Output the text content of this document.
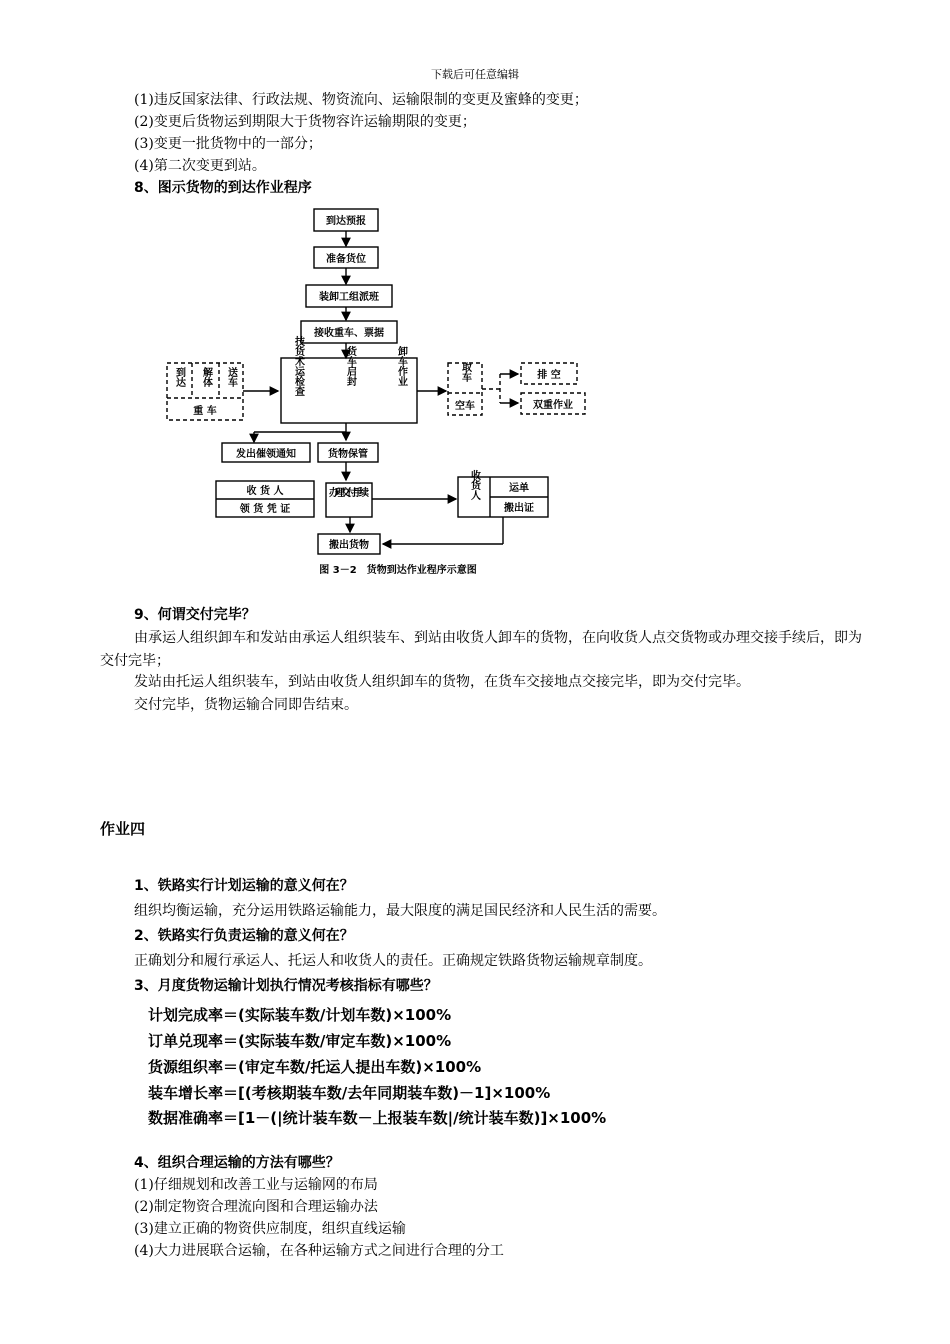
下载后可任意编辑
(1)违反国家法律、行政法规、物资流向、运输限制的变更及蜜蜂的变更；
(2)变更后货物运到期限大于货物容许运输期限的变更；
(3)变更一批货物中的一部分；
(4)第二次变更到站。
8、图示货物的到达作业程序
到达预报
准备货位
装卸工组派班
接收重车、票据
到达 解体 送车
重 车
技货术运检查	货车启封	卸车作业	取车
空车
排 空
双重作业
发出催领通知	货物保管
收 货 人
领 货 凭 证
办理交付手续	收货人	运单
搬出证
搬出货物
图 3－2　货物到达作业程序示意图
9、何谓交付完毕？
由承运人组织卸车和发站由承运人组织装车、到站由收货人卸车的货物，在向收货人点交货物或办理交接手续后，即为交付完毕；
发站由托运人组织装车，到站由收货人组织卸车的货物，在货车交接地点交接完毕，即为交付完毕。
交付完毕，货物运输合同即告结束。
作业四
1、铁路实行计划运输的意义何在？
组织均衡运输，充分运用铁路运输能力，最大限度的满足国民经济和人民生活的需要。
2、铁路实行负责运输的意义何在？
正确划分和履行承运人、托运人和收货人的责任。正确规定铁路货物运输规章制度。
3、月度货物运输计划执行情况考核指标有哪些？
计划完成率＝(实际装车数/计划车数)×100%
订单兑现率＝(实际装车数/审定车数)×100%
货源组织率＝(审定车数/托运人提出车数)×100%
装车增长率＝[(考核期装车数/去年同期装车数)－1]×100%
数据准确率＝[1－(|统计装车数－上报装车数|/统计装车数)]×100%
4、组织合理运输的方法有哪些？
(1)仔细规划和改善工业与运输网的布局
(2)制定物资合理流向图和合理运输办法
(3)建立正确的物资供应制度，组织直线运输
(4)大力进展联合运输，在各种运输方式之间进行合理的分工
